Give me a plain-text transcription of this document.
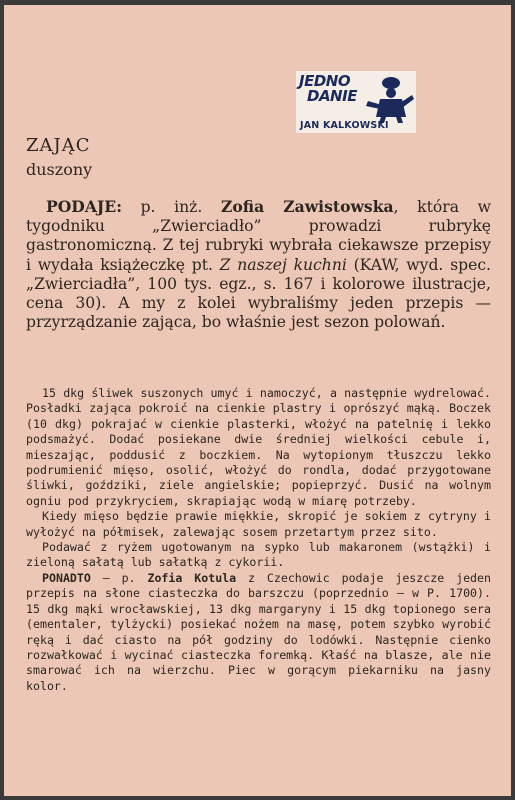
JEDNO
DANIE
JAN KALKOWSKI
ZAJĄC
duszony
PODAJE: p. inż. Zofia Zawistowska, która w tygodniku „Zwierciadło” prowadzi rubrykę gastronomiczną. Z tej rubryki wybrała ciekawsze przepisy i wydała książeczkę pt. Z naszej kuchni (KAW, wyd. spec. „Zwierciadła”, 100 tys. egz., s. 167 i kolorowe ilustracje, cena 30). A my z kolei wybraliśmy jeden przepis — przyrządzanie zająca, bo właśnie jest sezon polowań.

15 dkg śliwek suszonych umyć i namoczyć, a następnie wydrelować. Posładki zająca pokroić na cienkie plastry i oprószyć mąką. Boczek (10 dkg) pokrajać w cienkie plasterki, włożyć na patelnię i lekko podsmażyć. Dodać posiekane dwie średniej wielkości cebule i, mieszając, poddusić z boczkiem. Na wytopionym tłuszczu lekko podrumienić mięso, osolić, włożyć do rondla, dodać przygotowane śliwki, goździki, ziele angielskie; popieprzyć. Dusić na wolnym ogniu pod przykryciem, skrapiając wodą w miarę potrzeby.

Kiedy mięso będzie prawie miękkie, skropić je sokiem z cytryny i wyłożyć na półmisek, zalewając sosem przetartym przez sito.

Podawać z ryżem ugotowanym na sypko lub makaronem (wstążki) i zieloną sałatą lub sałatką z cykorii.

PONADTO — p. Zofia Kotula z Czechowic podaje jeszcze jeden przepis na słone ciasteczka do barszczu (poprzednio — w P. 1700). 15 dkg mąki wrocławskiej, 13 dkg margaryny i 15 dkg topionego sera (ementaler, tylżycki) posiekać nożem na masę, potem szybko wyrobić ręką i dać ciasto na pół godziny do lodówki. Następnie cienko rozwałkować i wycinać ciasteczka foremką. Kłaść na blasze, ale nie smarować ich na wierzchu. Piec w gorącym piekarniku na jasny kolor.
